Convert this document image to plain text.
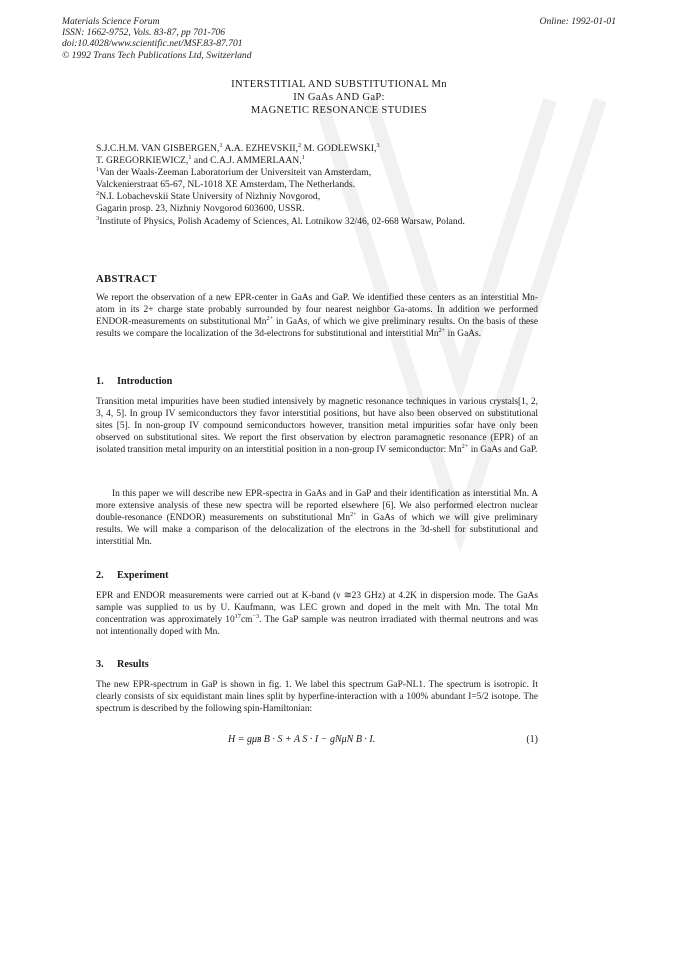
Materials Science Forum
ISSN: 1662-9752, Vols. 83-87, pp 701-706
doi:10.4028/www.scientific.net/MSF.83-87.701
© 1992 Trans Tech Publications Ltd, Switzerland
Online: 1992-01-01
INTERSTITIAL AND SUBSTITUTIONAL Mn
IN GaAs AND GaP:
MAGNETIC RESONANCE STUDIES
S.J.C.H.M. VAN GISBERGEN,$^1$ A.A. EZHEVSKII,$^2$ M. GODLEWSKI,$^3$
T. GREGORKIEWICZ,$^1$ and C.A.J. AMMERLAAN,$^1$
$^1$Van der Waals-Zeeman Laboratorium der Universiteit van Amsterdam,
Valckenierstraat 65-67, NL-1018 XE Amsterdam, The Netherlands.
$^2$N.I. Lobachevskii State University of Nizhniy Novgorod,
Gagarin prosp. 23, Nizhniy Novgorod 603600, USSR.
$^3$Institute of Physics, Polish Academy of Sciences, Al. Lotnikow 32/46, 02-668 Warsaw, Poland.
ABSTRACT

We report the observation of a new EPR-center in GaAs and GaP. We identified these centers as an interstitial Mn-atom in its 2+ charge state probably surrounded by four nearest neighbor Ga-atoms. In addition we performed ENDOR-measurements on substitutional $Mn^{2+}$ in GaAs, of which we give preliminary results. On the basis of these results we compare the localization of the 3d-electrons for substitutional and interstitial $Mn^{2+}$ in GaAs.

1. Introduction

Transition metal impurities have been studied intensively by magnetic resonance techniques in various crystals[1, 2, 3, 4, 5]. In group IV semiconductors they favor interstitial positions, but have also been observed on substitutional sites [5]. In non-group IV compound semiconductors however, transition metal impurities sofar have only been observed on substitutional sites. We report the first observation by electron paramagnetic resonance (EPR) of an isolated transition metal impurity on an interstitial position in a non-group IV semiconductor: $Mn^{2+}$ in GaAs and GaP.

In this paper we will describe new EPR-spectra in GaAs and in GaP and their identification as interstitial Mn. A more extensive analysis of these new spectra will be reported elsewhere [6]. We also performed electron nuclear double-resonance (ENDOR) measurements on substitutional $Mn^{2+}$ in GaAs of which we will give preliminary results. We will make a comparison of the delocalization of the electrons in the 3d-shell for substitutional and interstitial Mn.

2. Experiment

EPR and ENDOR measurements were carried out at K-band (ν ≅23 GHz) at 4.2K in dispersion mode. The GaAs sample was supplied to us by U. Kaufmann, was LEC grown and doped in the melt with Mn. The total Mn concentration was approximately $10^{17}cm^{-3}$. The GaP sample was neutron irradiated with thermal neutrons and was not intentionally doped with Mn.

3. Results

The new EPR-spectrum in GaP is shown in fig. 1. We label this spectrum GaP-NL1. The spectrum is isotropic. It clearly consists of six equidistant main lines split by hyperfine-interaction with a 100% abundant I=5/2 isotope. The spectrum is described by the following spin-Hamiltonian:

H = gμʙ B · S + A S · I − gNμN B · I.	(1)
